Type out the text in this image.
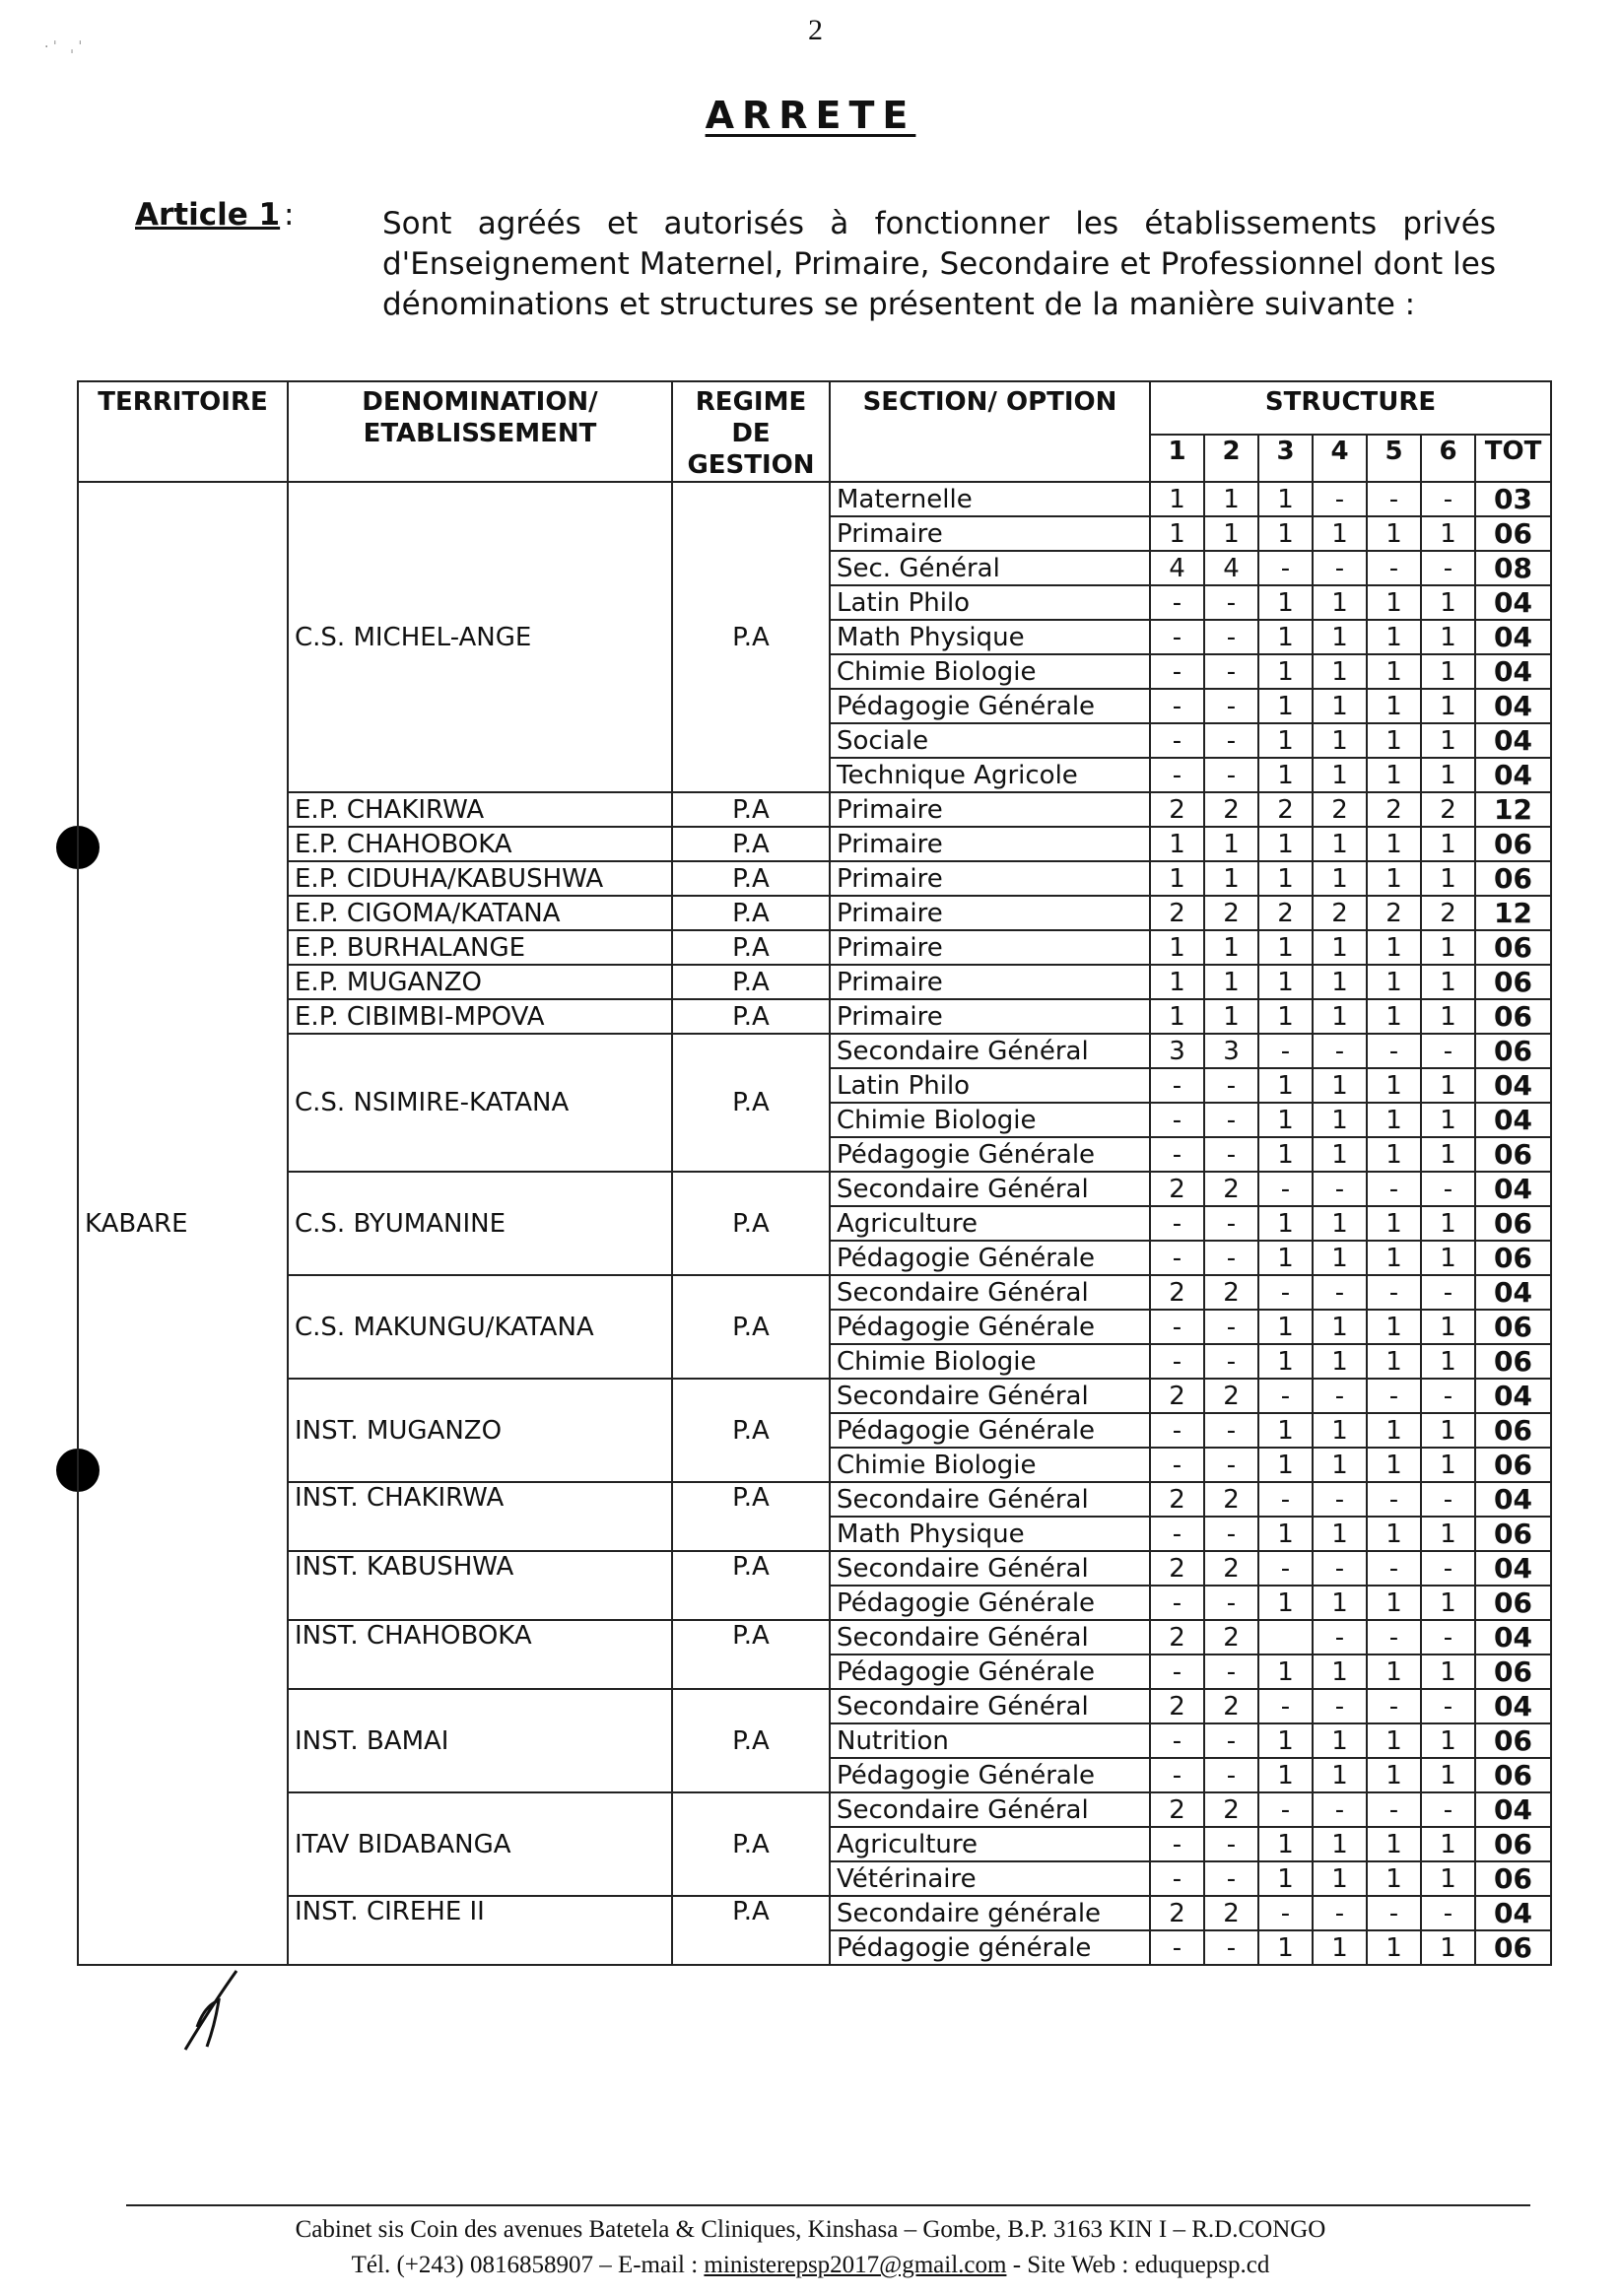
· ˈ   ˌ ˈ
2
ARRETE
Article 1 :	Sont agréés et autorisés à fonctionner les établissements privés d'Enseignement Maternel, Primaire, Secondaire et Professionnel dont les dénominations et structures se présentent de la manière suivante :
TERRITOIRE	DENOMINATION/ ETABLISSEMENT	REGIME DE GESTION	SECTION/ OPTION	STRUCTURE						
				1	2	3	4	5	6	TOT
KABARE	C.S. MICHEL-ANGE	P.A	Maternelle	1	1	1	-	-	-	03
			Primaire	1	1	1	1	1	1	06
			Sec. Général	4	4	-	-	-	-	08
			Latin Philo	-	-	1	1	1	1	04
			Math Physique	-	-	1	1	1	1	04
			Chimie Biologie	-	-	1	1	1	1	04
			Pédagogie Générale	-	-	1	1	1	1	04
			Sociale	-	-	1	1	1	1	04
			Technique Agricole	-	-	1	1	1	1	04
	E.P. CHAKIRWA	P.A	Primaire	2	2	2	2	2	2	12
	E.P. CHAHOBOKA	P.A	Primaire	1	1	1	1	1	1	06
	E.P. CIDUHA/KABUSHWA	P.A	Primaire	1	1	1	1	1	1	06
	E.P. CIGOMA/KATANA	P.A	Primaire	2	2	2	2	2	2	12
	E.P. BURHALANGE	P.A	Primaire	1	1	1	1	1	1	06
	E.P. MUGANZO	P.A	Primaire	1	1	1	1	1	1	06
	E.P. CIBIMBI-MPOVA	P.A	Primaire	1	1	1	1	1	1	06
	C.S. NSIMIRE-KATANA	P.A	Secondaire Général	3	3	-	-	-	-	06
			Latin Philo	-	-	1	1	1	1	04
			Chimie Biologie	-	-	1	1	1	1	04
			Pédagogie Générale	-	-	1	1	1	1	06
	C.S. BYUMANINE	P.A	Secondaire Général	2	2	-	-	-	-	04
			Agriculture	-	-	1	1	1	1	06
			Pédagogie Générale	-	-	1	1	1	1	06
	C.S. MAKUNGU/KATANA	P.A	Secondaire Général	2	2	-	-	-	-	04
			Pédagogie Générale	-	-	1	1	1	1	06
			Chimie Biologie	-	-	1	1	1	1	06
	INST. MUGANZO	P.A	Secondaire Général	2	2	-	-	-	-	04
			Pédagogie Générale	-	-	1	1	1	1	06
			Chimie Biologie	-	-	1	1	1	1	06
	INST. CHAKIRWA	P.A	Secondaire Général	2	2	-	-	-	-	04
			Math Physique	-	-	1	1	1	1	06
	INST. KABUSHWA	P.A	Secondaire Général	2	2	-	-	-	-	04
			Pédagogie Générale	-	-	1	1	1	1	06
	INST. CHAHOBOKA	P.A	Secondaire Général	2	2		-	-	-	04
			Pédagogie Générale	-	-	1	1	1	1	06
	INST. BAMAI	P.A	Secondaire Général	2	2	-	-	-	-	04
			Nutrition	-	-	1	1	1	1	06
			Pédagogie Générale	-	-	1	1	1	1	06
	ITAV BIDABANGA	P.A	Secondaire Général	2	2	-	-	-	-	04
			Agriculture	-	-	1	1	1	1	06
			Vétérinaire	-	-	1	1	1	1	06
	INST. CIREHE II	P.A	Secondaire générale	2	2	-	-	-	-	04
			Pédagogie générale	-	-	1	1	1	1	06
Cabinet sis Coin des avenues Batetela & Cliniques, Kinshasa – Gombe, B.P. 3163 KIN I – R.D.CONGO
Tél. (+243) 0816858907 – E-mail : ministerepsp2017@gmail.com - Site Web : eduquepsp.cd
